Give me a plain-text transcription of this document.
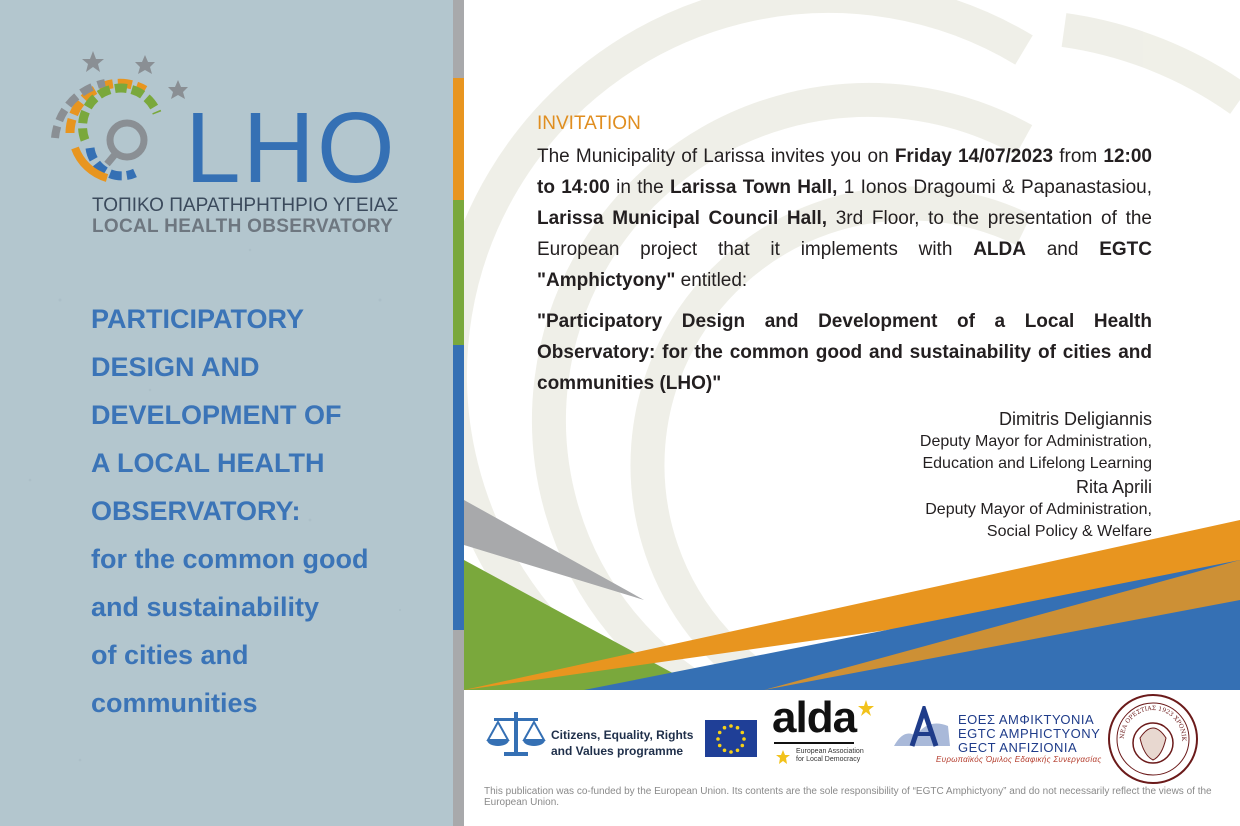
LHO
ΤΟΠΙΚΟ ΠΑΡΑΤΗΡΗΤΗΡΙΟ ΥΓΕΙΑΣ
LOCAL HEALTH OBSERVATORY
PARTICIPATORY
DESIGN AND
DEVELOPMENT OF
A LOCAL HEALTH
OBSERVATORY:
for the common good
and sustainability
of cities and
communities
INVITATION

The Municipality of Larissa invites you on Friday 14/07/2023 from 12:00 to 14:00 in the Larissa Town Hall, 1 Ionos Dragoumi & Papanastasiou, Larissa Municipal Council Hall, 3rd Floor, to the presentation of the European project that it implements with ALDA and EGTC "Amphictyony" entitled:

"Participatory Design and Development of a Local Health Observatory: for the common good and sustainability of cities and communities (LHO)"
Dimitris Deligiannis
Deputy Mayor for Administration,
Education and Lifelong Learning
Rita Aprili
Deputy Mayor of Administration,
Social Policy & Welfare
Citizens, Equality, Rights
and Values programme
alda
European Association
for Local Democracy
ΕΟΕΣ ΑΜΦΙΚΤΥΟΝΙΑ
EGTC AMPHICTYONY
GECT ANFIZIONIA
Ευρωπαϊκός Όμιλος Εδαφικής Συνεργασίας
ΝΕΑ ΟΡΕΣΤΙΑΣ 1923 ΧΡΟΝΙΚ
This publication was co-funded by the European Union. Its contents are the sole responsibility of “EGTC Amphictyony” and do not necessarily reflect the views of the European Union.
